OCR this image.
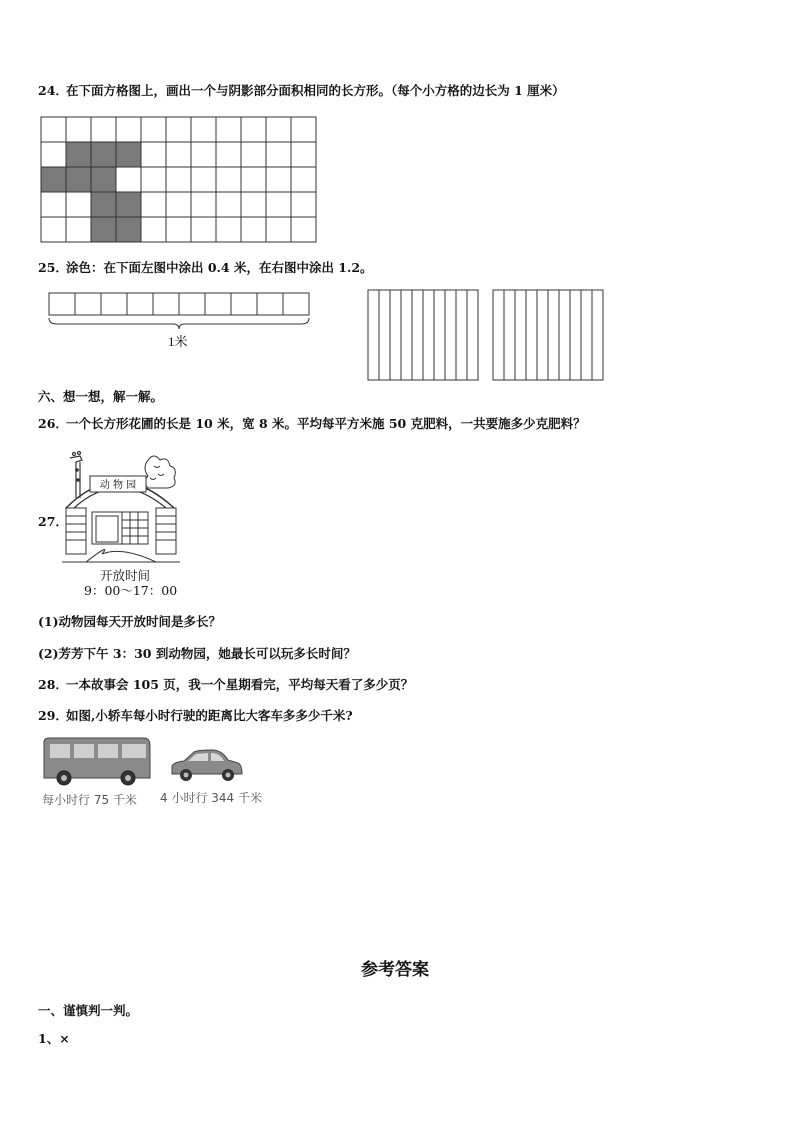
24．
在下面方格图上，画出一个与阴影部分面积相同的长方形。（每个小方格的边长为 1 厘米）
25．
涂色：在下面左图中涂出 0.4 米，在右图中涂出 1.2。
1米
六、想一想，解一解。
26．
一个长方形花圃的长是 10 米，宽 8 米。平均每平方米施 50 克肥料，一共要施多少克肥料？
27．
动 物 园
开放时间
9：00～17：00
(1)动物园每天开放时间是多长？
(2)芳芳下午 3：30 到动物园，她最长可以玩多长时间？
28．
一本故事会 105 页，我一个星期看完，平均每天看了多少页？
29．
如图,小轿车每小时行驶的距离比大客车多多少千米?
每小时行 75 千米 4 小时行 344 千米
参考答案
一、谨慎判一判。
1、×
